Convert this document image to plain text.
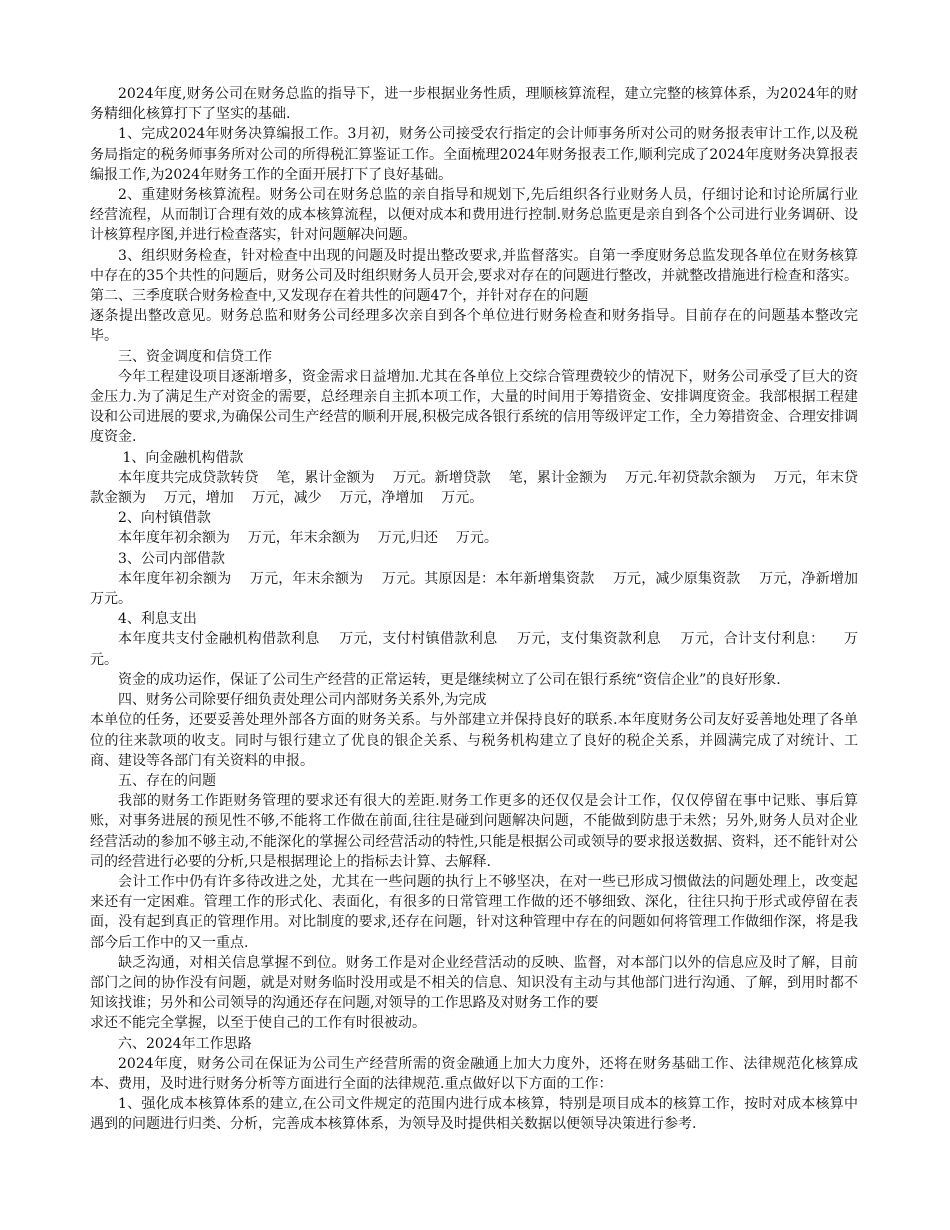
2024年度,财务公司在财务总监的指导下，进一步根据业务性质，理顺核算流程，建立完整的核算体系，为2024年的财务精细化核算打下了坚实的基础.

1、完成2024年财务决算编报工作。3月初，财务公司接受农行指定的会计师事务所对公司的财务报表审计工作,以及税务局指定的税务师事务所对公司的所得税汇算鉴证工作。全面梳理2024年财务报表工作,顺利完成了2024年度财务决算报表编报工作,为2024年财务工作的全面开展打下了良好基础。

2、重建财务核算流程。财务公司在财务总监的亲自指导和规划下,先后组织各行业财务人员，仔细讨论和讨论所属行业经营流程，从而制订合理有效的成本核算流程，以便对成本和费用进行控制.财务总监更是亲自到各个公司进行业务调研、设计核算程序图,并进行检查落实，针对问题解决问题。

3、组织财务检查，针对检查中出现的问题及时提出整改要求,并监督落实。自第一季度财务总监发现各单位在财务核算中存在的35个共性的问题后，财务公司及时组织财务人员开会,要求对存在的问题进行整改，并就整改措施进行检查和落实。第二、三季度联合财务检查中,又发现存在着共性的问题47个，并针对存在的问题

逐条提出整改意见。财务总监和财务公司经理多次亲自到各个单位进行财务检查和财务指导。目前存在的问题基本整改完毕。

三、资金调度和信贷工作

今年工程建设项目逐渐增多，资金需求日益增加.尤其在各单位上交综合管理费较少的情况下，财务公司承受了巨大的资金压力.为了满足生产对资金的需要，总经理亲自主抓本项工作，大量的时间用于筹措资金、安排调度资金。我部根据工程建设和公司进展的要求,为确保公司生产经营的顺利开展,积极完成各银行系统的信用等级评定工作，全力筹措资金、合理安排调度资金.

1、向金融机构借款

本年度共完成贷款转贷    笔，累计金额为    万元。新增贷款    笔，累计金额为    万元.年初贷款余额为    万元，年末贷款金额为    万元，增加    万元，减少    万元，净增加    万元。

2、向村镇借款

本年度年初余额为    万元，年末余额为    万元,归还    万元。

3、公司内部借款

本年度年初余额为    万元，年末余额为    万元。其原因是：本年新增集资款    万元，减少原集资款    万元，净新增加    万元。

4、利息支出

本年度共支付金融机构借款利息    万元，支付村镇借款利息    万元，支付集资款利息    万元，合计支付利息：    万元。

资金的成功运作，保证了公司生产经营的正常运转，更是继续树立了公司在银行系统“资信企业”的良好形象.

四、财务公司除要仔细负责处理公司内部财务关系外,为完成

本单位的任务，还要妥善处理外部各方面的财务关系。与外部建立并保持良好的联系.本年度财务公司友好妥善地处理了各单位的往来款项的收支。同时与银行建立了优良的银企关系、与税务机构建立了良好的税企关系，并圆满完成了对统计、工商、建设等各部门有关资料的申报。

五、存在的问题

我部的财务工作距财务管理的要求还有很大的差距.财务工作更多的还仅仅是会计工作，仅仅停留在事中记账、事后算账，对事务进展的预见性不够,不能将工作做在前面,往往是碰到问题解决问题，不能做到防患于未然；另外,财务人员对企业经营活动的参加不够主动,不能深化的掌握公司经营活动的特性,只能是根据公司或领导的要求报送数据、资料，还不能针对公司的经营进行必要的分析,只是根据理论上的指标去计算、去解释.

会计工作中仍有许多待改进之处，尤其在一些问题的执行上不够坚决，在对一些已形成习惯做法的问题处理上，改变起来还有一定困难。管理工作的形式化、表面化，有很多的日常管理工作做的还不够细致、深化，往往只拘于形式或停留在表面，没有起到真正的管理作用。对比制度的要求,还存在问题，针对这种管理中存在的问题如何将管理工作做细作深，将是我部今后工作中的又一重点.

缺乏沟通，对相关信息掌握不到位。财务工作是对企业经营活动的反映、监督，对本部门以外的信息应及时了解，目前部门之间的协作没有问题，就是对财务临时没用或是不相关的信息、知识没有主动与其他部门进行沟通、了解，到用时都不知该找谁；另外和公司领导的沟通还存在问题,对领导的工作思路及对财务工作的要

求还不能完全掌握，以至于使自己的工作有时很被动。

六、2024年工作思路

2024年度，财务公司在保证为公司生产经营所需的资金融通上加大力度外，还将在财务基础工作、法律规范化核算成本、费用，及时进行财务分析等方面进行全面的法律规范.重点做好以下方面的工作：

1、强化成本核算体系的建立,在公司文件规定的范围内进行成本核算，特别是项目成本的核算工作，按时对成本核算中遇到的问题进行归类、分析，完善成本核算体系，为领导及时提供相关数据以便领导决策进行参考.
